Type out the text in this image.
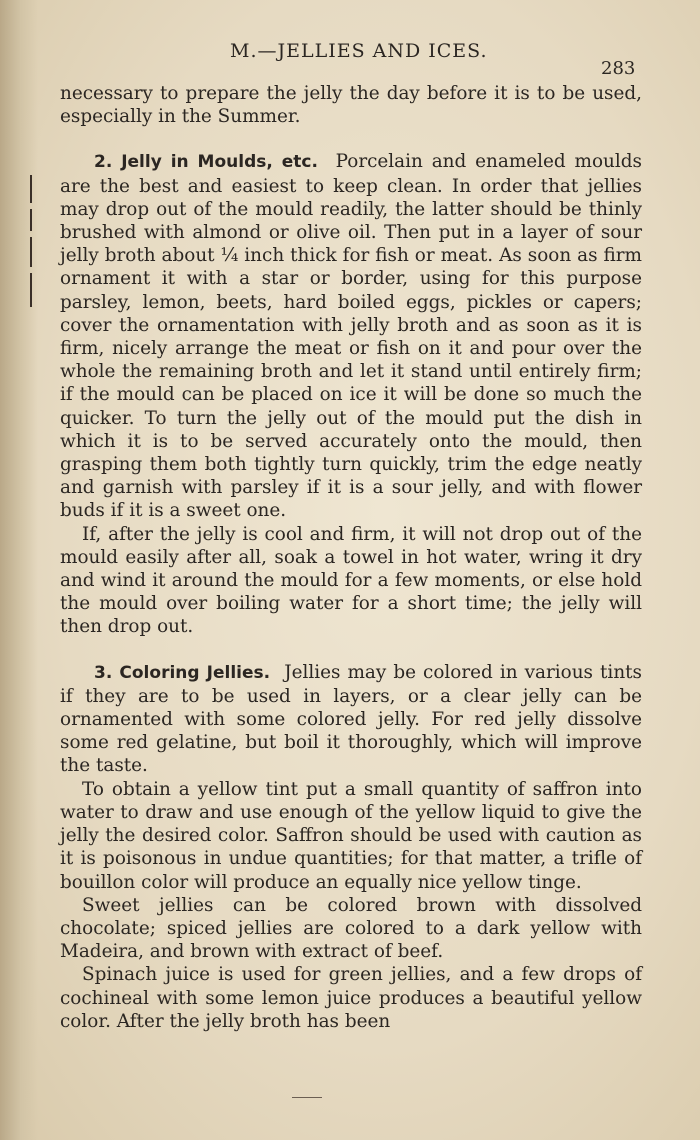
M.—JELLIES AND ICES.
283

necessary to prepare the jelly the day before it is to be used, especially in the Summer.

2. Jelly in Moulds, etc. Porcelain and enameled moulds are the best and easiest to keep clean. In order that jellies may drop out of the mould readily, the latter should be thinly brushed with almond or olive oil. Then put in a layer of sour jelly broth about ¼ inch thick for fish or meat. As soon as firm ornament it with a star or border, using for this purpose parsley, lemon, beets, hard boiled eggs, pickles or capers; cover the ornamentation with jelly broth and as soon as it is firm, nicely arrange the meat or fish on it and pour over the whole the remaining broth and let it stand until entirely firm; if the mould can be placed on ice it will be done so much the quicker. To turn the jelly out of the mould put the dish in which it is to be served accurately onto the mould, then grasping them both tightly turn quickly, trim the edge neatly and garnish with parsley if it is a sour jelly, and with flower buds if it is a sweet one.

If, after the jelly is cool and firm, it will not drop out of the mould easily after all, soak a towel in hot water, wring it dry and wind it around the mould for a few moments, or else hold the mould over boiling water for a short time; the jelly will then drop out.

3. Coloring Jellies. Jellies may be colored in various tints if they are to be used in layers, or a clear jelly can be ornamented with some colored jelly. For red jelly dissolve some red gelatine, but boil it thoroughly, which will improve the taste.

To obtain a yellow tint put a small quantity of saffron into water to draw and use enough of the yellow liquid to give the jelly the desired color. Saffron should be used with caution as it is poisonous in undue quantities; for that matter, a trifle of bouillon color will produce an equally nice yellow tinge.

Sweet jellies can be colored brown with dissolved chocolate; spiced jellies are colored to a dark yellow with Madeira, and brown with extract of beef.

Spinach juice is used for green jellies, and a few drops of cochineal with some lemon juice produces a beautiful yellow color. After the jelly broth has been
